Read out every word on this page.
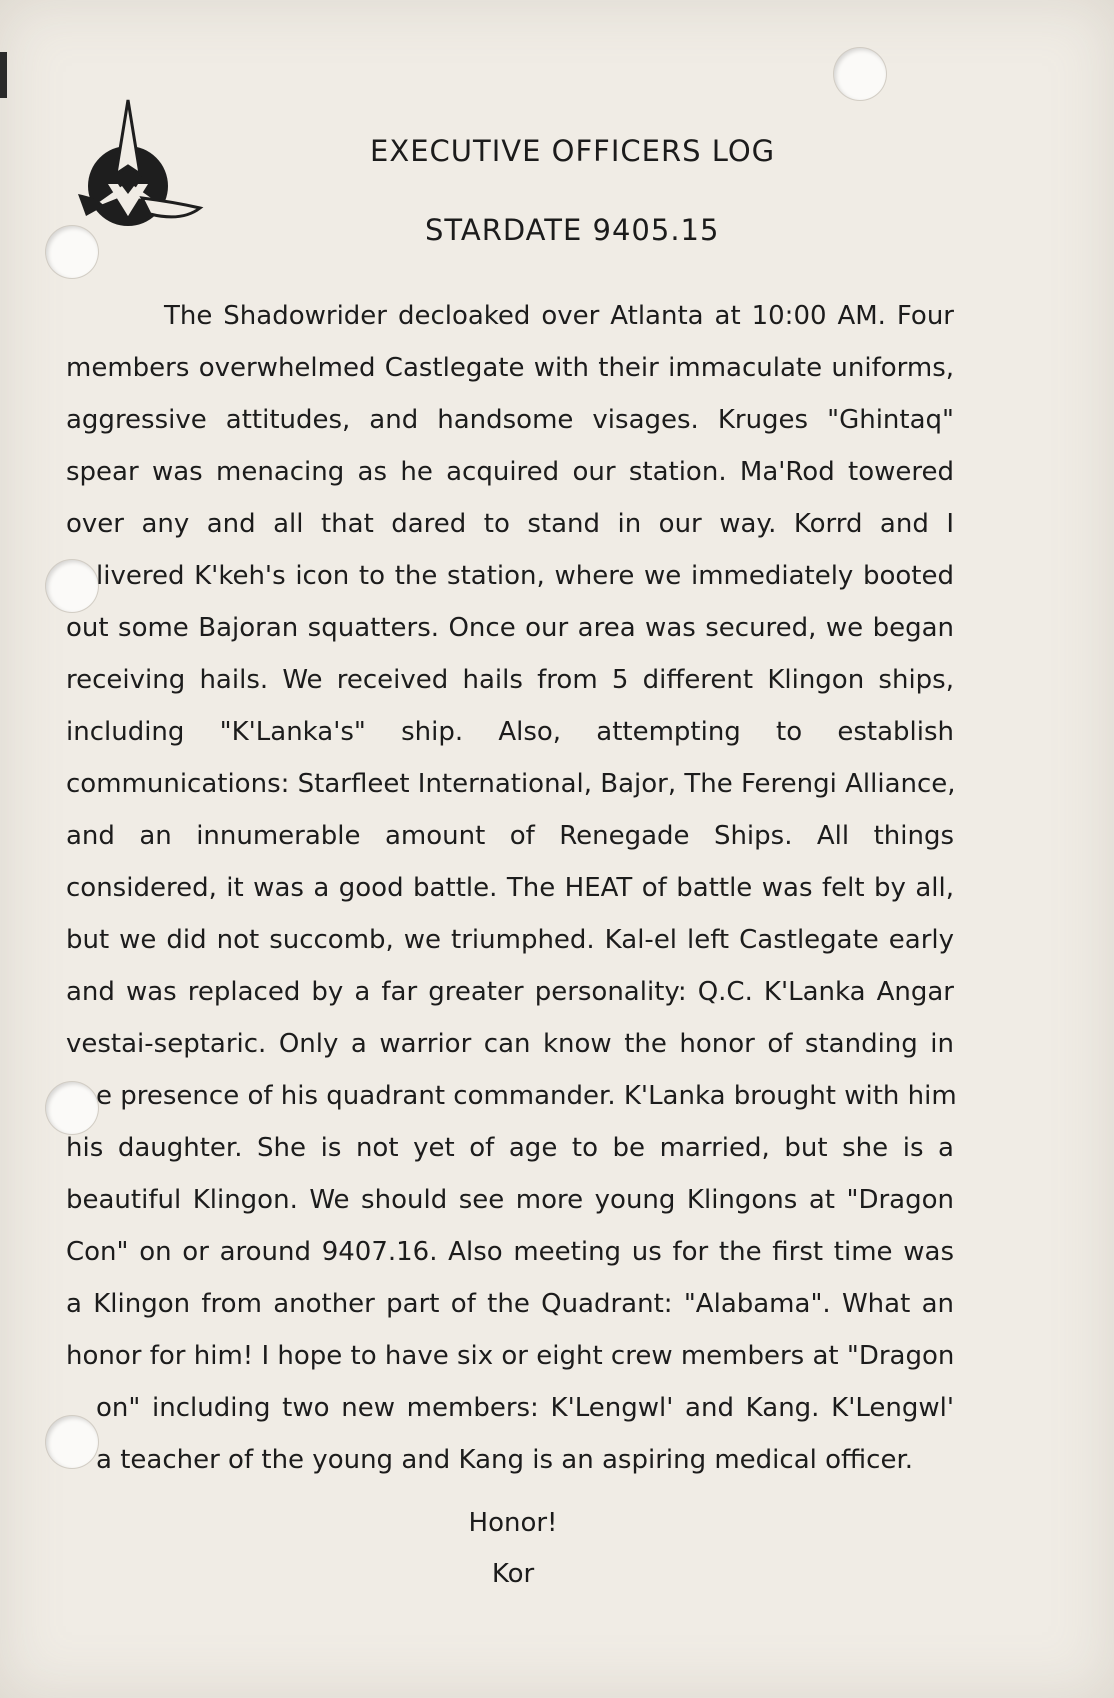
EXECUTIVE OFFICERS LOG
STARDATE 9405.15
The Shadowrider decloaked over Atlanta at 10:00 AM. Four
members overwhelmed Castlegate with their immaculate uniforms,
aggressive attitudes, and handsome visages. Kruges "Ghintaq"
spear was menacing as he acquired our station. Ma'Rod towered
over any and all that dared to stand in our way. Korrd and I
livered K'keh's icon to the station, where we immediately booted
out some Bajoran squatters. Once our area was secured, we began
receiving hails. We received hails from 5 different Klingon ships,
including "K'Lanka's" ship. Also, attempting to establish
communications: Starfleet International, Bajor, The Ferengi Alliance,
and an innumerable amount of Renegade Ships. All things
considered, it was a good battle. The HEAT of battle was felt by all,
but we did not succomb, we triumphed. Kal-el left Castlegate early
and was replaced by a far greater personality: Q.C. K'Lanka Angar
vestai-septaric. Only a warrior can know the honor of standing in
e presence of his quadrant commander. K'Lanka brought with him
his daughter. She is not yet of age to be married, but she is a
beautiful Klingon. We should see more young Klingons at "Dragon
Con" on or around 9407.16. Also meeting us for the first time was
a Klingon from another part of the Quadrant: "Alabama". What an
honor for him! I hope to have six or eight crew members at "Dragon
on" including two new members: K'Lengwl' and Kang. K'Lengwl'
a teacher of the young and Kang is an aspiring medical officer.

Honor!

Kor
